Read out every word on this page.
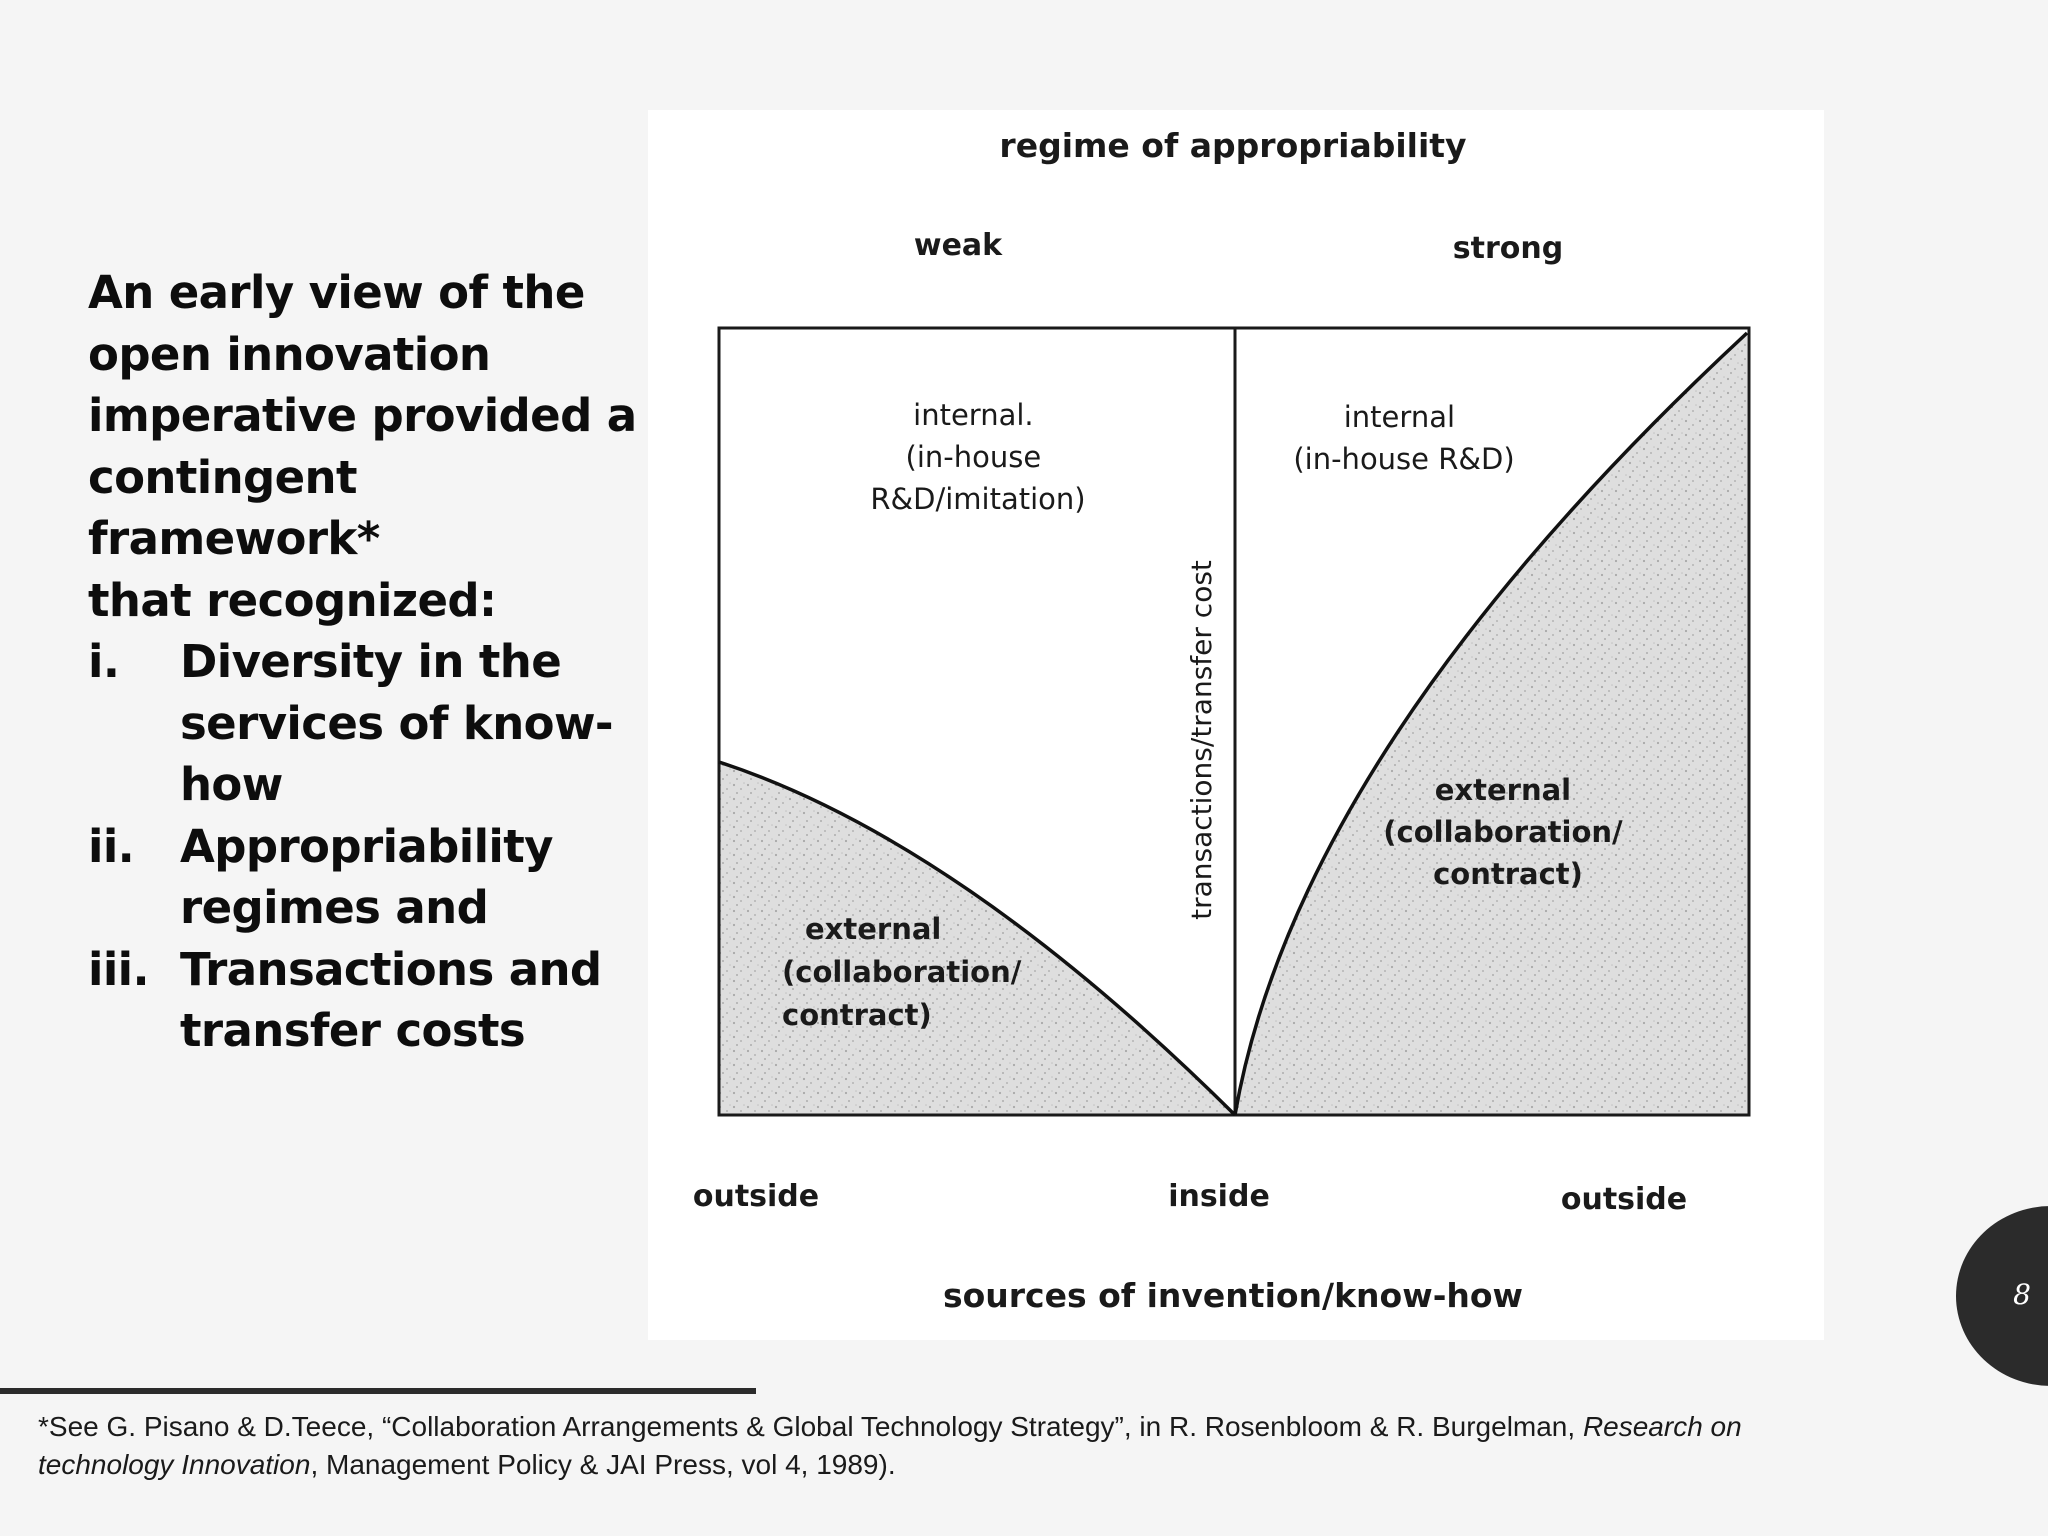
An early view of the
open innovation
imperative provided a
contingent framework*
that recognized:
i.	Diversity in the
services of know-
how
ii.	Appropriability
regimes and
iii. Transactions and
transfer costs
regime of appropriability
weak	strong
internal. (in-house R&D/imitation)
internal (in-house R&D)
external (collaboration/ contract)
external (collaboration/ contract)
transactions/transfer cost
outside	inside	outside
sources of invention/know-how
*See G. Pisano & D.Teece, “Collaboration Arrangements & Global Technology Strategy”, in R. Rosenbloom & R. Burgelman, Research on
technology Innovation, Management Policy & JAI Press, vol 4, 1989).
8
